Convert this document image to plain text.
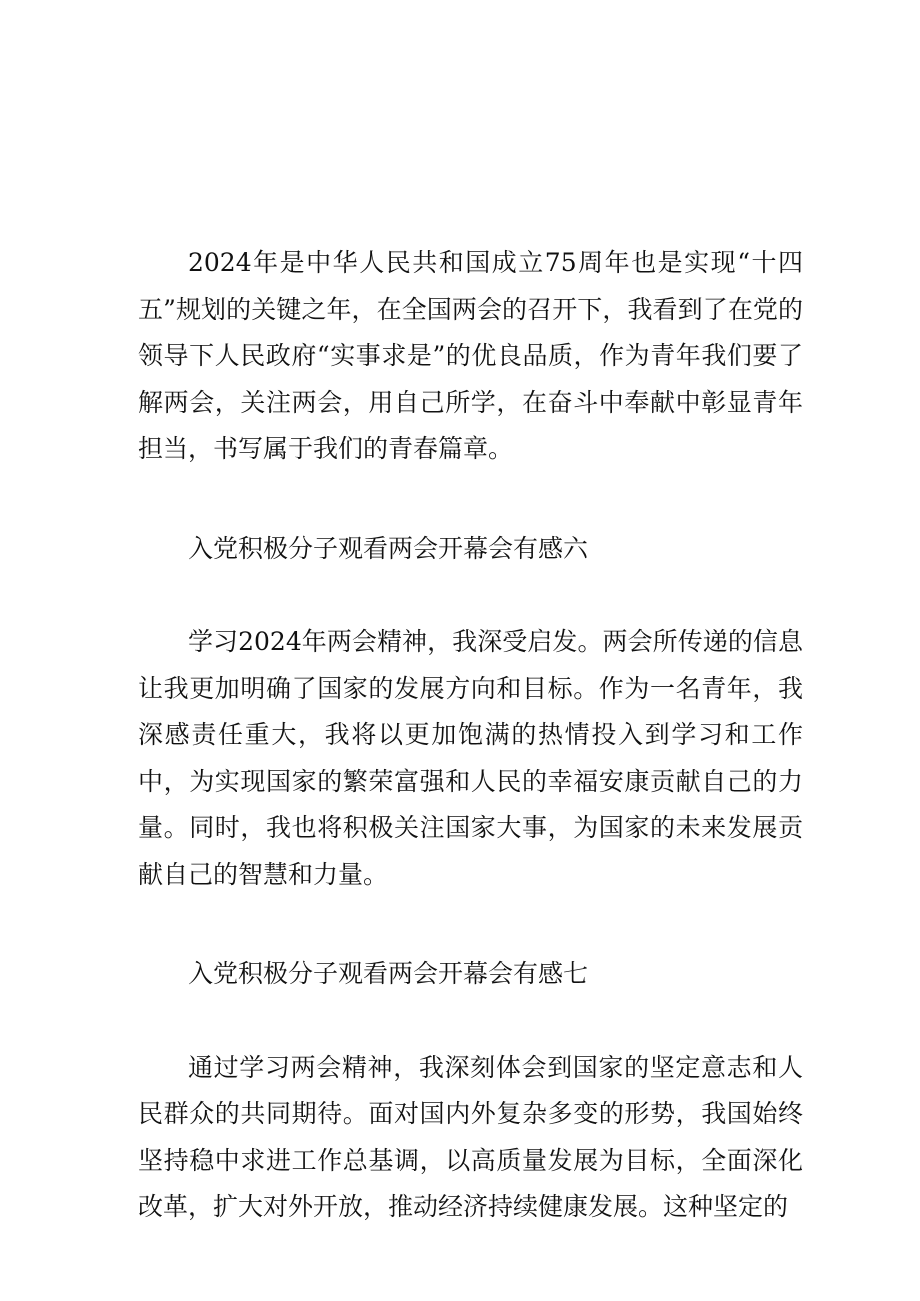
2024年是中华人民共和国成立75周年也是实现“十四五”规划的关键之年，在全国两会的召开下，我看到了在党的领导下人民政府“实事求是”的优良品质，作为青年我们要了解两会，关注两会，用自己所学，在奋斗中奉献中彰显青年担当，书写属于我们的青春篇章。

入党积极分子观看两会开幕会有感六

学习2024年两会精神，我深受启发。两会所传递的信息让我更加明确了国家的发展方向和目标。作为一名青年，我深感责任重大，我将以更加饱满的热情投入到学习和工作中，为实现国家的繁荣富强和人民的幸福安康贡献自己的力量。同时，我也将积极关注国家大事，为国家的未来发展贡献自己的智慧和力量。

入党积极分子观看两会开幕会有感七

通过学习两会精神，我深刻体会到国家的坚定意志和人民群众的共同期待。面对国内外复杂多变的形势，我国始终坚持稳中求进工作总基调，以高质量发展为目标，全面深化改革，扩大对外开放，推动经济持续健康发展。这种坚定的
